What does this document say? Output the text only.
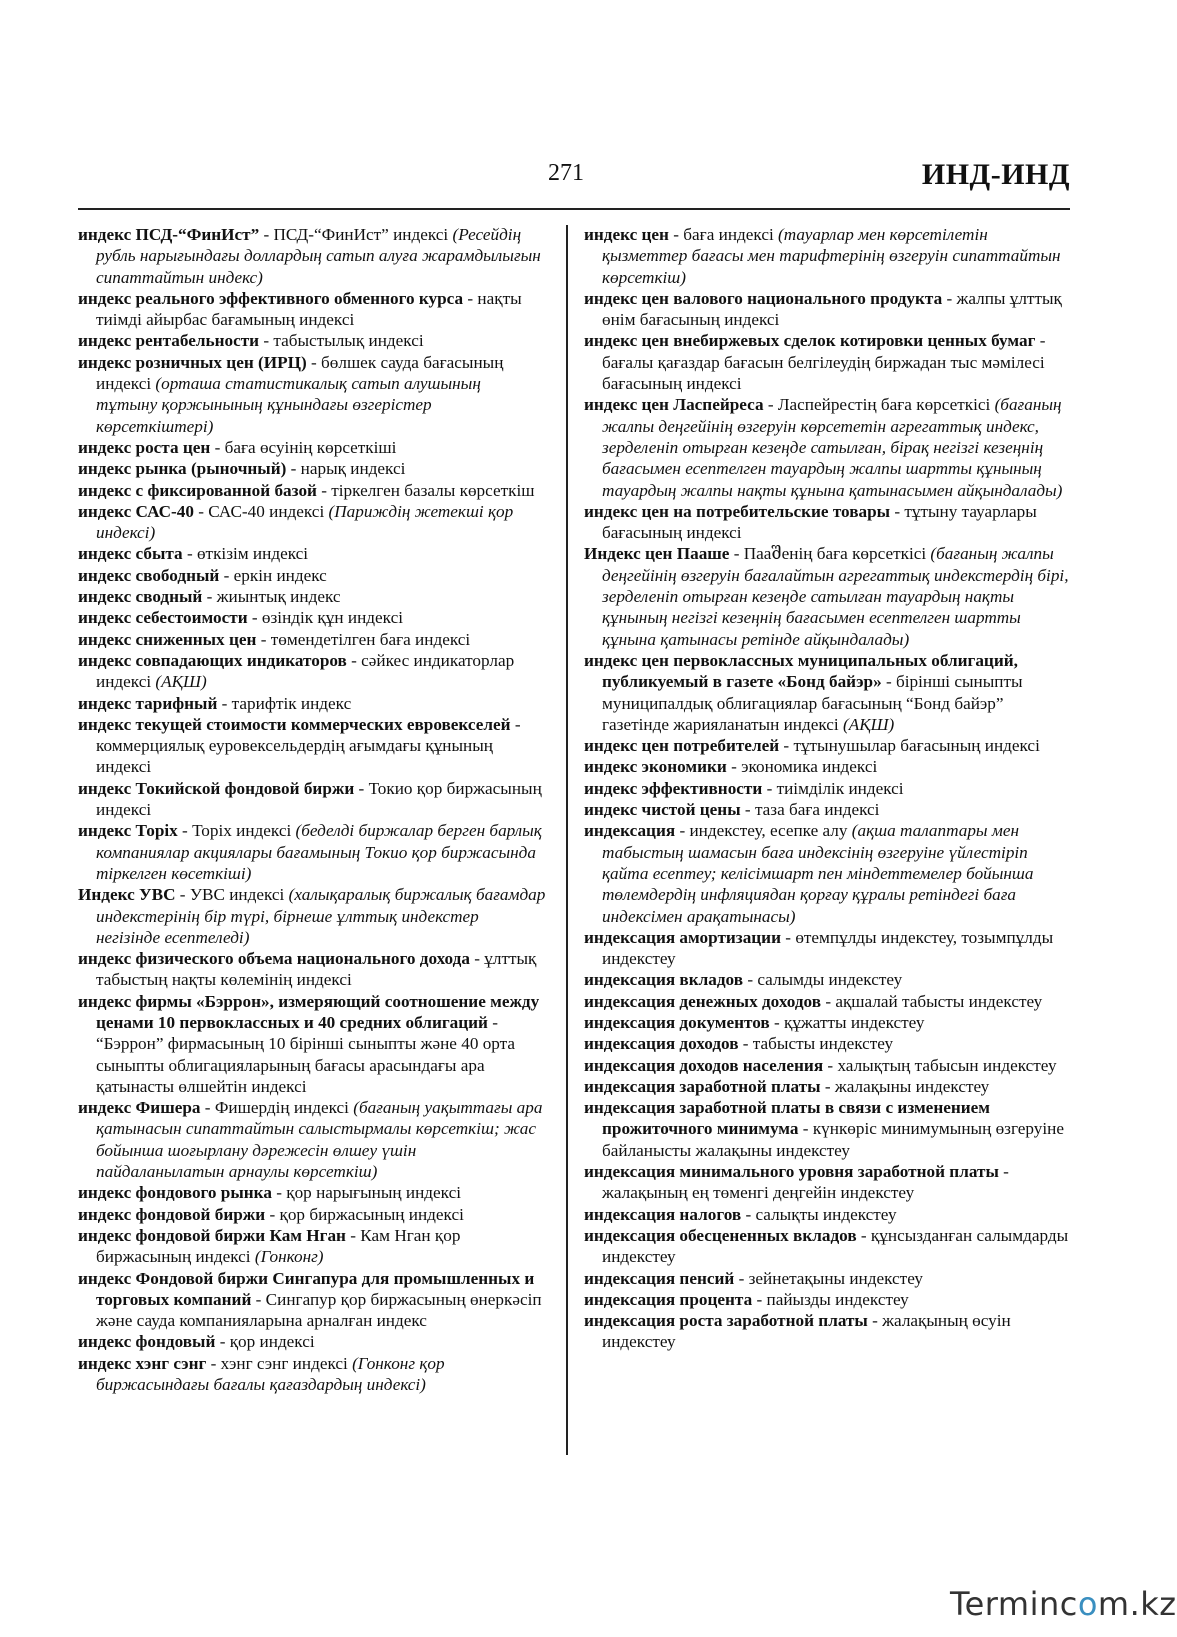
271	ИНД-ИНД

индекс ПСД-“ФинИст” - ПСД-“ФинИст” индексі (Ресейдің рубль нарығындағы доллардың сатып алуға жарамдылығын сипаттайтын индекс)

индекс реального эффективного обменного курса - нақты тиімді айырбас бағамының индексі

индекс рентабельности - табыстылық индексі

индекс розничных цен (ИРЦ) - бөлшек сауда бағасының индексі (орташа статистикалық сатып алушының тұтыну қоржынының құнындағы өзгерістер көрсеткіштері)

индекс роста цен - баға өсуінің көрсеткіші

индекс рынка (рыночный) - нарық индексі

индекс с фиксированной базой - тіркелген базалы көрсеткіш

индекс САС-40 - САС-40 индексі (Париждің жетекші қор индексі)

индекс сбыта - өткізім индексі

индекс свободный - еркін индекс

индекс сводный - жиынтық индекс

индекс себестоимости - өзіндік құн индексі

индекс сниженных цен - төмендетілген баға индексі

индекс совпадающих индикаторов - сәйкес индикаторлар индексі (АҚШ)

индекс тарифный - тарифтік индекс

индекс текущей стоимости коммерческих евровекселей - коммерциялық еуровексельдердің ағымдағы құнының индексі

индекс Токийской фондовой биржи - Токио қор биржасының индексі

индекс Торіх - Торіх индексі (беделді биржалар берген барлық компаниялар акциялары бағамының Токио қор биржасында тіркелген көсеткіші)

Индекс УВС - УВС индексі (халықаралық биржалық бағамдар индекстерінің бір түрі, бірнеше ұлттық индекстер негізінде есептеледі)

индекс физического объема национального дохода - ұлттық табыстың нақты көлемінің индексі

индекс фирмы «Бэррон», измеряющий соотношение между ценами 10 первоклассных и 40 средних облигаций - “Бэррон” фирмасының 10 бірінші сыныпты және 40 орта сыныпты облигацияларының бағасы арасындағы ара қатынасты өлшейтін индексі

индекс Фишера - Фишердің индексі (бағаның уақыттағы ара қатынасын сипаттайтын салыстырмалы көрсеткіш; жас бойынша шоғырлану дәрежесін өлшеу үшін пайдаланылатын арнаулы көрсеткіш)

индекс фондового рынка - қор нарығының индексі

индекс фондовой биржи - қор биржасының индексі

индекс фондовой биржи Кам Нган - Кам Нган қор биржасының индексі (Гонконг)

индекс Фондовой биржи Сингапура для промышленных и торговых компаний - Сингапур қор биржасының өнеркәсіп және сауда компанияларына арналған индекс

индекс фондовый - қор индексі

индекс хэнг сэнг - хэнг сэнг индексі (Гонконг қор биржасындағы бағалы қағаздардың индексі)

индекс цен - баға индексі (тауарлар мен көрсетілетін қызметтер бағасы мен тарифтерінің өзгеруін сипаттайтын көрсеткіш)

индекс цен валового национального продукта - жалпы ұлттық өнім бағасының индексі

индекс цен внебиржевых сделок котировки ценных бумаг - бағалы қағаздар бағасын белгілеудің биржадан тыс мәмілесі бағасының индексі

индекс цен Ласпейреса - Ласпейрестің баға көрсеткісі (бағаның жалпы деңгейінің өзгеруін көрсететін агрегаттық индекс, зерделеніп отырған кезеңде сатылған, бірақ негізгі кезеңнің бағасымен есептелген тауардың жалпы шартты құнының тауардың жалпы нақты құнына қатынасымен айқындалады)

индекс цен на потребительские товары - тұтыну тауарлары бағасының индексі

Индекс цен Пааше - Пааშенің баға көрсеткісі (бағаның жалпы деңгейінің өзгеруін бағалайтын агрегаттық индекстердің бірі, зерделеніп отырған кезеңде сатылған тауардың нақты құнының негізгі кезеңнің бағасымен есептелген шартты құнына қатынасы ретінде айқындалады)

индекс цен первоклассных муниципальных облигаций, публикуемый в газете «Бонд байэр» - бірінші сыныпты муниципалдық облигациялар бағасының “Бонд байэр” газетінде жарияланатын индексі (АҚШ)

индекс цен потребителей - тұтынушылар бағасының индексі

индекс экономики - экономика индексі

индекс эффективности - тиімділік индексі

индекс чистой цены - таза баға индексі

индексация - индекстеу, есепке алу (ақша талаптары мен табыстың шамасын баға индексінің өзгеруіне үйлестіріп қайта есептеу; келісімшарт пен міндеттемелер бойынша төлемдердің инфляциядан қорғау құралы ретіндегі баға индексімен арақатынасы)

индексация амортизации - өтемпұлды индекстеу, тозымпұлды индекстеу

индексация вкладов - салымды индекстеу

индексация денежных доходов - ақшалай табысты индекстеу

индексация документов - құжатты индекстеу

индексация доходов - табысты индекстеу

индексация доходов населения - халықтың табысын индекстеу

индексация заработной платы - жалақыны индекстеу

индексация заработной платы в связи с изменением прожиточного минимума - күнкөріс минимумының өзгеруіне байланысты жалақыны индекстеу

индексация минимального уровня заработной платы - жалақының ең төменгі деңгейін индекстеу

индексация налогов - салықты индекстеу

индексация обесцененных вкладов - құнсызданған салымдарды индекстеу

индексация пенсий - зейнетақыны индекстеу

индексация процента - пайызды индекстеу

индексация роста заработной платы - жалақының өсуін индекстеу

Termincom.kz
